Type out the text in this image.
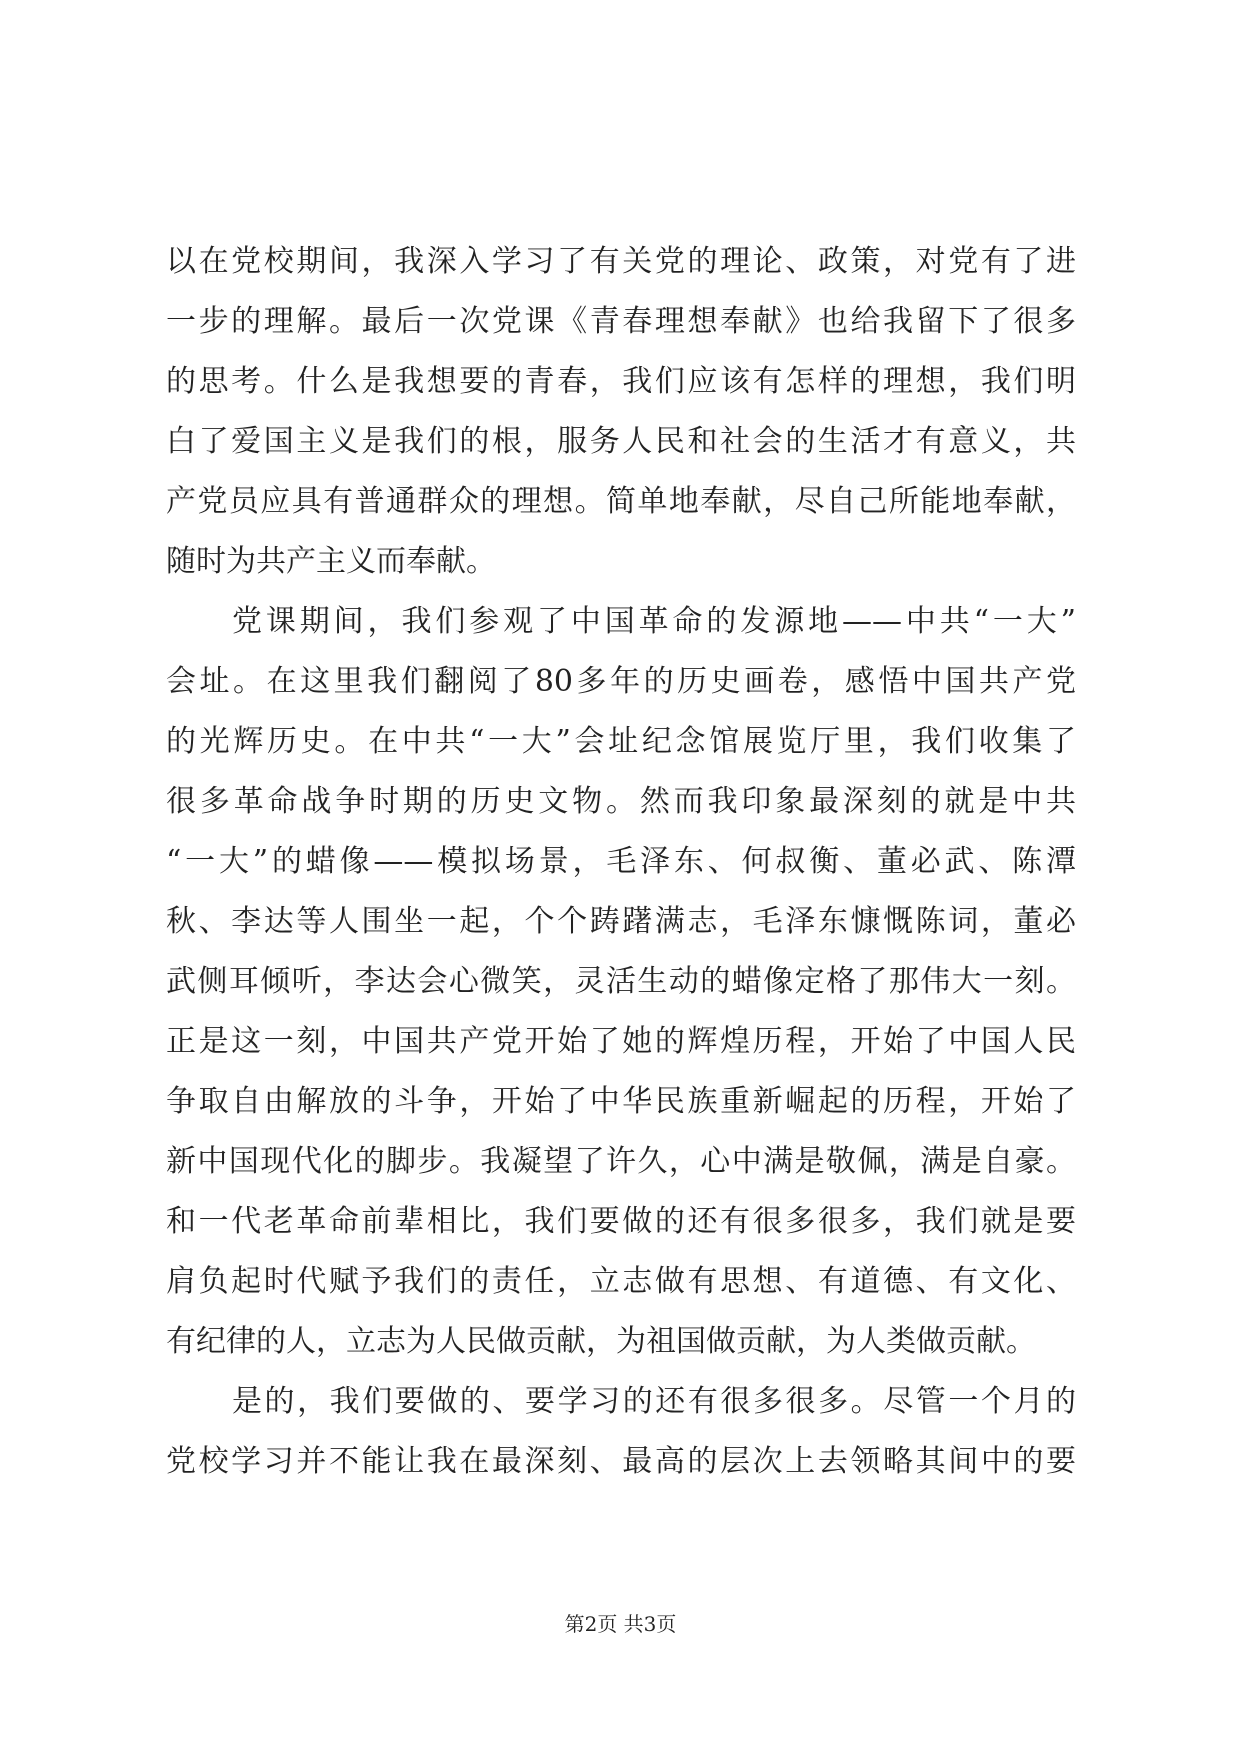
以在党校期间，我深入学习了有关党的理论、政策，对党有了进
一步的理解。最后一次党课《青春理想奉献》也给我留下了很多
的思考。什么是我想要的青春，我们应该有怎样的理想，我们明
白了爱国主义是我们的根，服务人民和社会的生活才有意义，共
产党员应具有普通群众的理想。简单地奉献，尽自己所能地奉献，
随时为共产主义而奉献。
党课期间，我们参观了中国革命的发源地——中共“一大”
会址。在这里我们翻阅了80多年的历史画卷，感悟中国共产党
的光辉历史。在中共“一大”会址纪念馆展览厅里，我们收集了
很多革命战争时期的历史文物。然而我印象最深刻的就是中共
“一大”的蜡像——模拟场景，毛泽东、何叔衡、董必武、陈潭
秋、李达等人围坐一起，个个踌躇满志，毛泽东慷慨陈词，董必
武侧耳倾听，李达会心微笑，灵活生动的蜡像定格了那伟大一刻。
正是这一刻，中国共产党开始了她的辉煌历程，开始了中国人民
争取自由解放的斗争，开始了中华民族重新崛起的历程，开始了
新中国现代化的脚步。我凝望了许久，心中满是敬佩，满是自豪。
和一代老革命前辈相比，我们要做的还有很多很多，我们就是要
肩负起时代赋予我们的责任，立志做有思想、有道德、有文化、
有纪律的人，立志为人民做贡献，为祖国做贡献，为人类做贡献。
是的，我们要做的、要学习的还有很多很多。尽管一个月的
党校学习并不能让我在最深刻、最高的层次上去领略其间中的要
第2页 共3页
